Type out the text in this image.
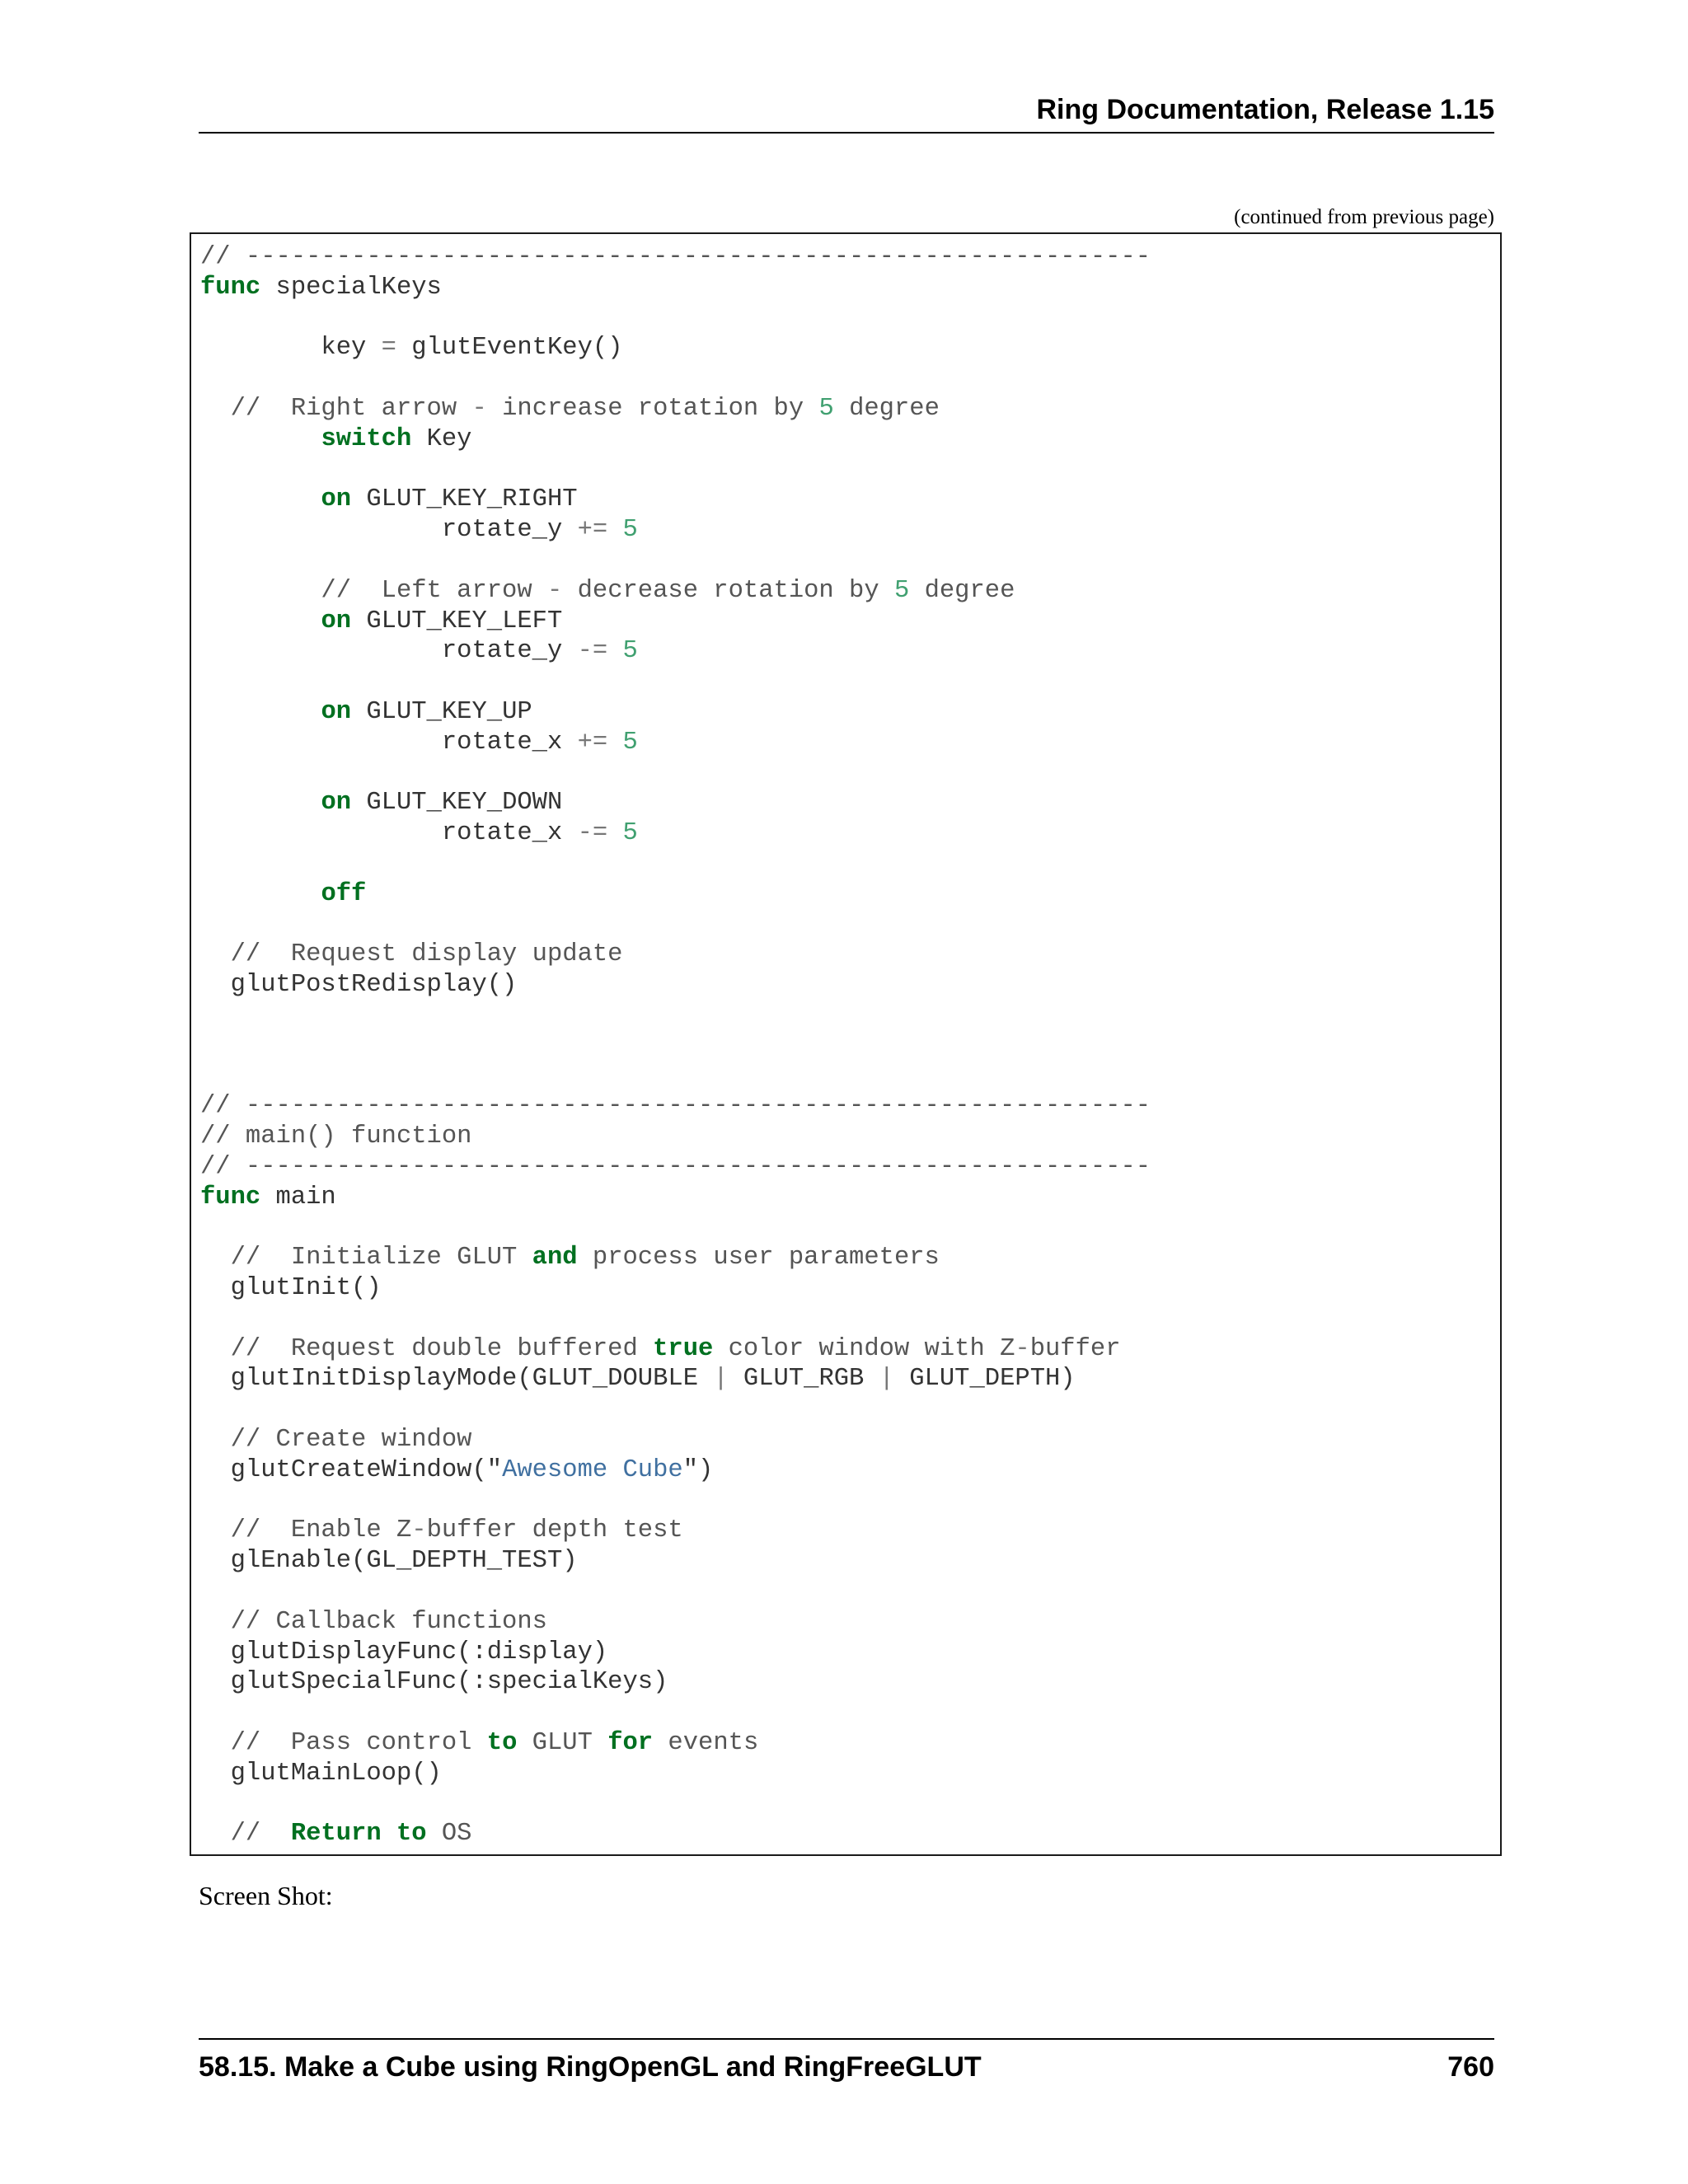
Ring Documentation, Release 1.15
(continued from previous page)
// ------------------------------------------------------------
func specialKeys
key = glutEventKey()
//  Right arrow - increase rotation by 5 degree
switch Key
on GLUT_KEY_RIGHT
rotate_y += 5
//  Left arrow - decrease rotation by 5 degree
on GLUT_KEY_LEFT
rotate_y -= 5
on GLUT_KEY_UP
rotate_x += 5
on GLUT_KEY_DOWN
rotate_x -= 5
off
//  Request display update
glutPostRedisplay()
// ------------------------------------------------------------
// main() function
// ------------------------------------------------------------
func main
//  Initialize GLUT and process user parameters
glutInit()
//  Request double buffered true color window with Z-buffer
glutInitDisplayMode(GLUT_DOUBLE | GLUT_RGB | GLUT_DEPTH)
// Create window
glutCreateWindow("Awesome Cube")
//  Enable Z-buffer depth test
glEnable(GL_DEPTH_TEST)
// Callback functions
glutDisplayFunc(:display)
glutSpecialFunc(:specialKeys)
//  Pass control to GLUT for events
glutMainLoop()
//  Return to OS
Screen Shot:
58.15. Make a Cube using RingOpenGL and RingFreeGLUT	760
